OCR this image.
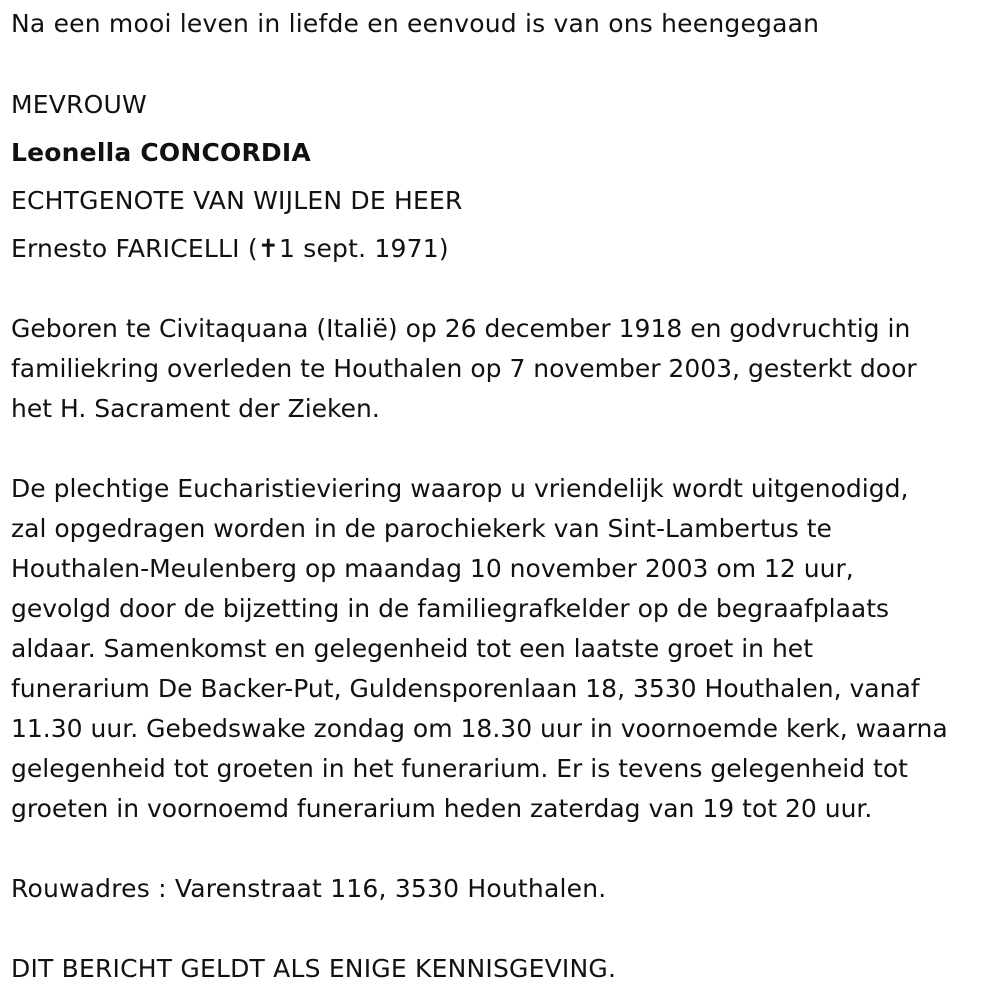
Na een mooi leven in liefde en eenvoud is van ons heengegaan

MEVROUW

Leonella CONCORDIA

ECHTGENOTE VAN WIJLEN DE HEER

Ernesto FARICELLI (✝1 sept. 1971)

Geboren te Civitaquana (Italië) op 26 december 1918 en godvruchtig in
familiekring overleden te Houthalen op 7 november 2003, gesterkt door
het H. Sacrament der Zieken.
De plechtige Eucharistieviering waarop u vriendelijk wordt uitgenodigd,
zal opgedragen worden in de parochiekerk van Sint-Lambertus te
Houthalen-Meulenberg op maandag 10 november 2003 om 12 uur,
gevolgd door de bijzetting in de familiegrafkelder op de begraafplaats
aldaar. Samenkomst en gelegenheid tot een laatste groet in het
funerarium De Backer-Put, Guldensporenlaan 18, 3530 Houthalen, vanaf
11.30 uur. Gebedswake zondag om 18.30 uur in voornoemde kerk, waarna
gelegenheid tot groeten in het funerarium. Er is tevens gelegenheid tot
groeten in voornoemd funerarium heden zaterdag van 19 tot 20 uur.

Rouwadres : Varenstraat 116, 3530 Houthalen.

DIT BERICHT GELDT ALS ENIGE KENNISGEVING.
